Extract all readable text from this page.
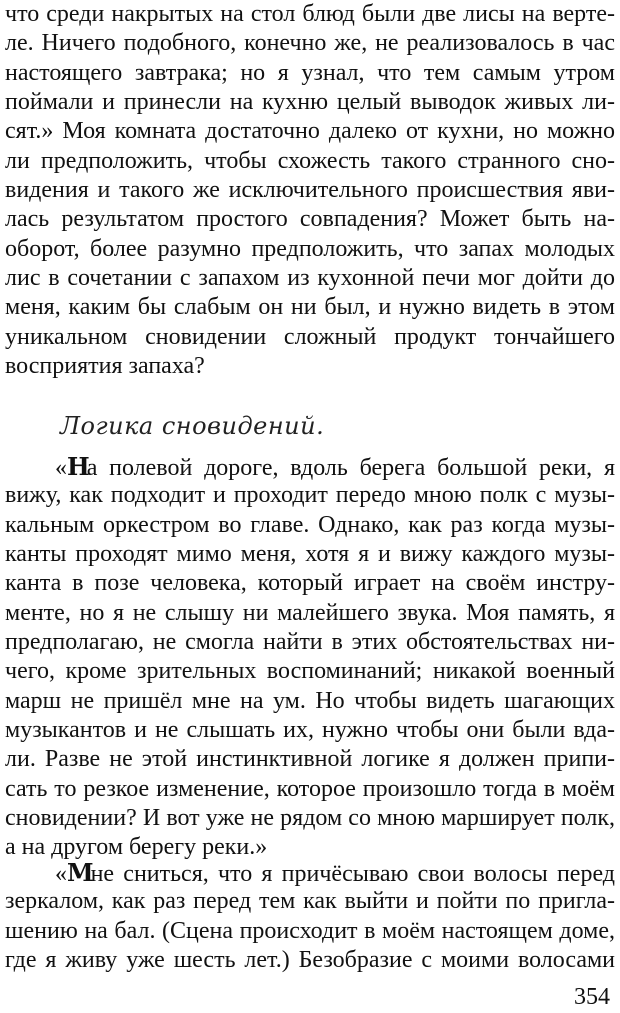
что среди накрытых на стол блюд были две лисы на верте-
ле. Ничего подобного, конечно же, не реализовалось в час
настоящего завтрака; но я узнал, что тем самым утром
поймали и принесли на кухню целый выводок живых ли-
сят.» Моя комната достаточно далеко от кухни, но можно
ли предположить, чтобы схожесть такого странного сно-
видения и такого же исключительного происшествия яви-
лась результатом простого совпадения? Может быть на-
оборот, более разумно предположить, что запах молодых
лис в сочетании с запахом из кухонной печи мог дойти до
меня, каким бы слабым он ни был, и нужно видеть в этом
уникальном сновидении сложный продукт тончайшего
восприятия запаха?
Логика сновидений.
«На полевой дороге, вдоль берега большой реки, я
вижу, как подходит и проходит передо мною полк с музы-
кальным оркестром во главе. Однако, как раз когда музы-
канты проходят мимо меня, хотя я и вижу каждого музы-
канта в позе человека, который играет на своём инстру-
менте, но я не слышу ни малейшего звука. Моя память, я
предполагаю, не смогла найти в этих обстоятельствах ни-
чего, кроме зрительных воспоминаний; никакой военный
марш не пришёл мне на ум. Но чтобы видеть шагающих
музыкантов и не слышать их, нужно чтобы они были вда-
ли. Разве не этой инстинктивной логике я должен припи-
сать то резкое изменение, которое произошло тогда в моём
сновидении? И вот уже не рядом со мною марширует полк,
а на другом берегу реки.»
«Мне сниться, что я причёсываю свои волосы перед
зеркалом, как раз перед тем как выйти и пойти по пригла-
шению на бал. (Сцена происходит в моём настоящем доме,
где я живу уже шесть лет.) Безобразие с моими волосами
354
